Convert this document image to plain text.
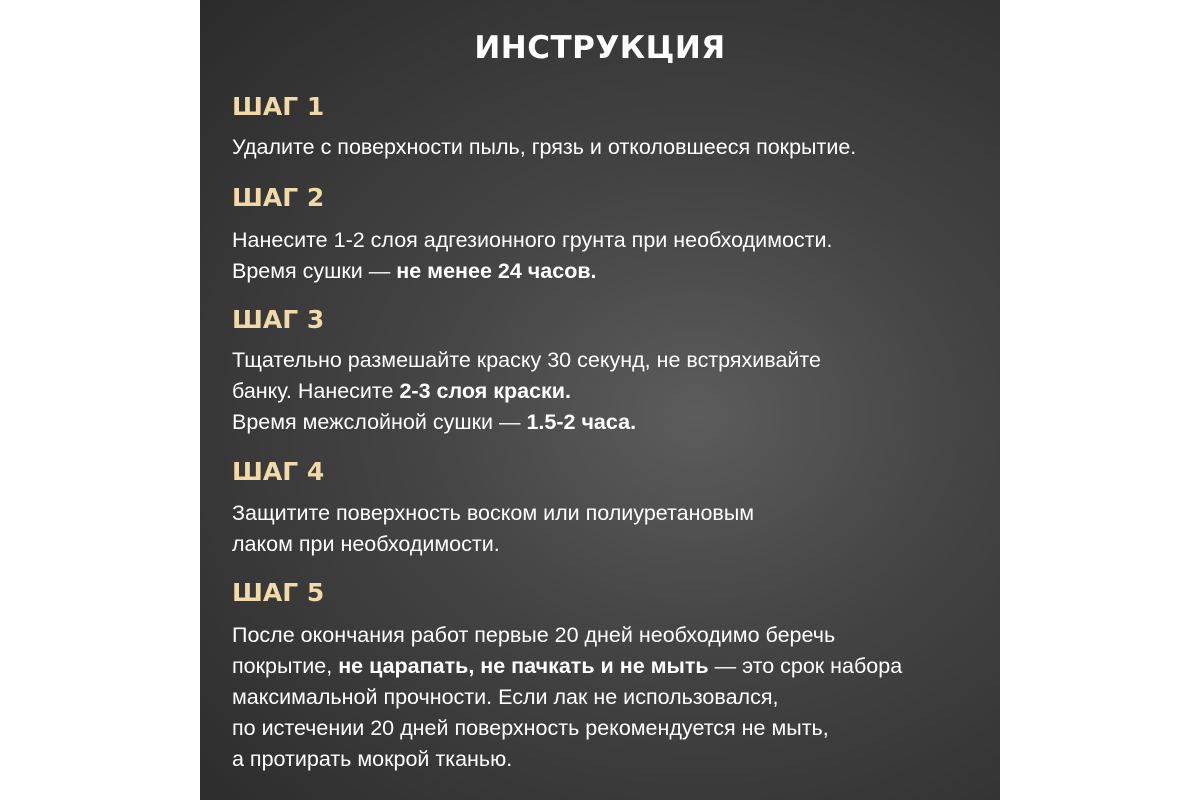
ИНСТРУКЦИЯ
ШАГ 1
Удалите с поверхности пыль, грязь и отколовшееся покрытие.
ШАГ 2
Нанесите 1-2 слоя адгезионного грунта при необходимости.
Время сушки — не менее 24 часов.
ШАГ 3
Тщательно размешайте краску 30 секунд, не встряхивайте
банку. Нанесите 2-3 слоя краски.
Время межслойной сушки — 1.5-2 часа.
ШАГ 4
Защитите поверхность воском или полиуретановым
лаком при необходимости.
ШАГ 5
После окончания работ первые 20 дней необходимо беречь
покрытие, не царапать, не пачкать и не мыть — это срок набора
максимальной прочности. Если лак не использовался,
по истечении 20 дней поверхность рекомендуется не мыть,
а протирать мокрой тканью.
